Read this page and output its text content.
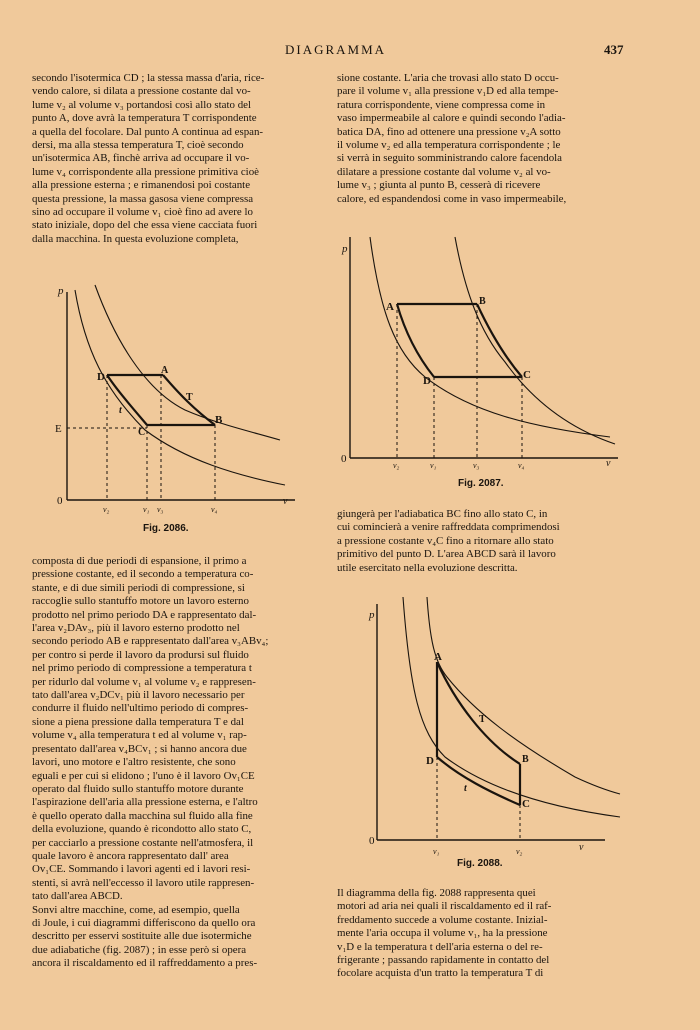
DIAGRAMMA	437
secondo l'isotermica CD ; la stessa massa d'aria, rice-
vendo calore, si dilata a pressione costante dal vo-
lume v₂ al volume v₃ portandosi così allo stato del
punto A, dove avrà la temperatura T corrispondente
a quella del focolare. Dal punto A continua ad espan-
dersi, ma alla stessa temperatura T, cioè secondo
un'isotermica AB, finchè arriva ad occupare il vo-
lume v₄ corrispondente alla pressione primitiva cioè
alla pressione esterna ; e rimanendosi poi costante
questa pressione, la massa gasosa viene compressa
sino ad occupare il volume v₁ cioè fino ad avere lo
stato iniziale, dopo del che essa viene cacciata fuori
dalla macchina. In questa evoluzione completa,
p
0	v
E
D
A
B
C
T
t
v₂	v₁ v₃	v₄
Fig. 2086.
composta di due periodi di espansione, il primo a
pressione costante, ed il secondo a temperatura co-
stante, e di due simili periodi di compressione, si
raccoglie sullo stantuffo motore un lavoro esterno
prodotto nel primo periodo DA e rappresentato dal-
l'area v₂DAv₃, più il lavoro esterno prodotto nel
secondo periodo AB e rappresentato dall'area v₃ABv₄;
per contro si perde il lavoro da prodursi sul fluido
nel primo periodo di compressione a temperatura t
per ridurlo dal volume v₁ al volume v₂ e rappresen-
tato dall'area v₂DCv₁ più il lavoro necessario per
condurre il fluido nell'ultimo periodo di compres-
sione a piena pressione dalla temperatura T e dal
volume v₄ alla temperatura t ed al volume v₁ rap-
presentato dall'area v₄BCv₁ ; si hanno ancora due
lavori, uno motore e l'altro resistente, che sono
eguali e per cui si elidono ; l'uno è il lavoro Ov₁CE
operato dal fluido sullo stantuffo motore durante
l'aspirazione dell'aria alla pressione esterna, e l'altro
è quello operato dalla macchina sul fluido alla fine
della evoluzione, quando è ricondotto allo stato C,
per cacciarlo a pressione costante nell'atmosfera, il
quale lavoro è ancora rappresentato dall' area
Ov₁CE. Sommando i lavori agenti ed i lavori resi-
stenti, si avrà nell'eccesso il lavoro utile rappresen-
tato dall'area ABCD.
Sonvi altre macchine, come, ad esempio, quella
di Joule, i cui diagrammi differiscono da quello ora
descritto per esservi sostituite alle due isotermiche
due adiabatiche (fig. 2087) ; in esse però si opera
ancora il riscaldamento ed il raffreddamento a pres-
sione costante. L'aria che trovasi allo stato D occu-
pare il volume v₁ alla pressione v₁D ed alla tempe-
ratura corrispondente, viene compressa come in
vaso impermeabile al calore e quindi secondo l'adia-
batica DA, fino ad ottenere una pressione v₂A sotto
il volume v₂ ed alla temperatura corrispondente ; le
si verrà in seguito somministrando calore facendola
dilatare a pressione costante dal volume v₂ al vo-
lume v₃ ; giunta al punto B, cesserà di ricevere
calore, ed espandendosi come in vaso impermeabile,
p
0	v
A	B
C
D
v₂	v₁	v₃	v₄
Fig. 2087.
giungerà per l'adiabatica BC fino allo stato C, in
cui comincierà a venire raffreddata comprimendosi
a pressione costante v₄C fino a ritornare allo stato
primitivo del punto D. L'area ABCD sarà il lavoro
utile esercitato nella evoluzione descritta.
p
0
v
A
B
C
D
T
t
v₁	v₂
Fig. 2088.
Il diagramma della fig. 2088 rappresenta quei
motori ad aria nei quali il riscaldamento ed il raf-
freddamento succede a volume costante. Inizial-
mente l'aria occupa il volume v₁, ha la pressione
v₁D e la temperatura t dell'aria esterna o del re-
frigerante ; passando rapidamente in contatto del
focolare acquista d'un tratto la temperatura T di
